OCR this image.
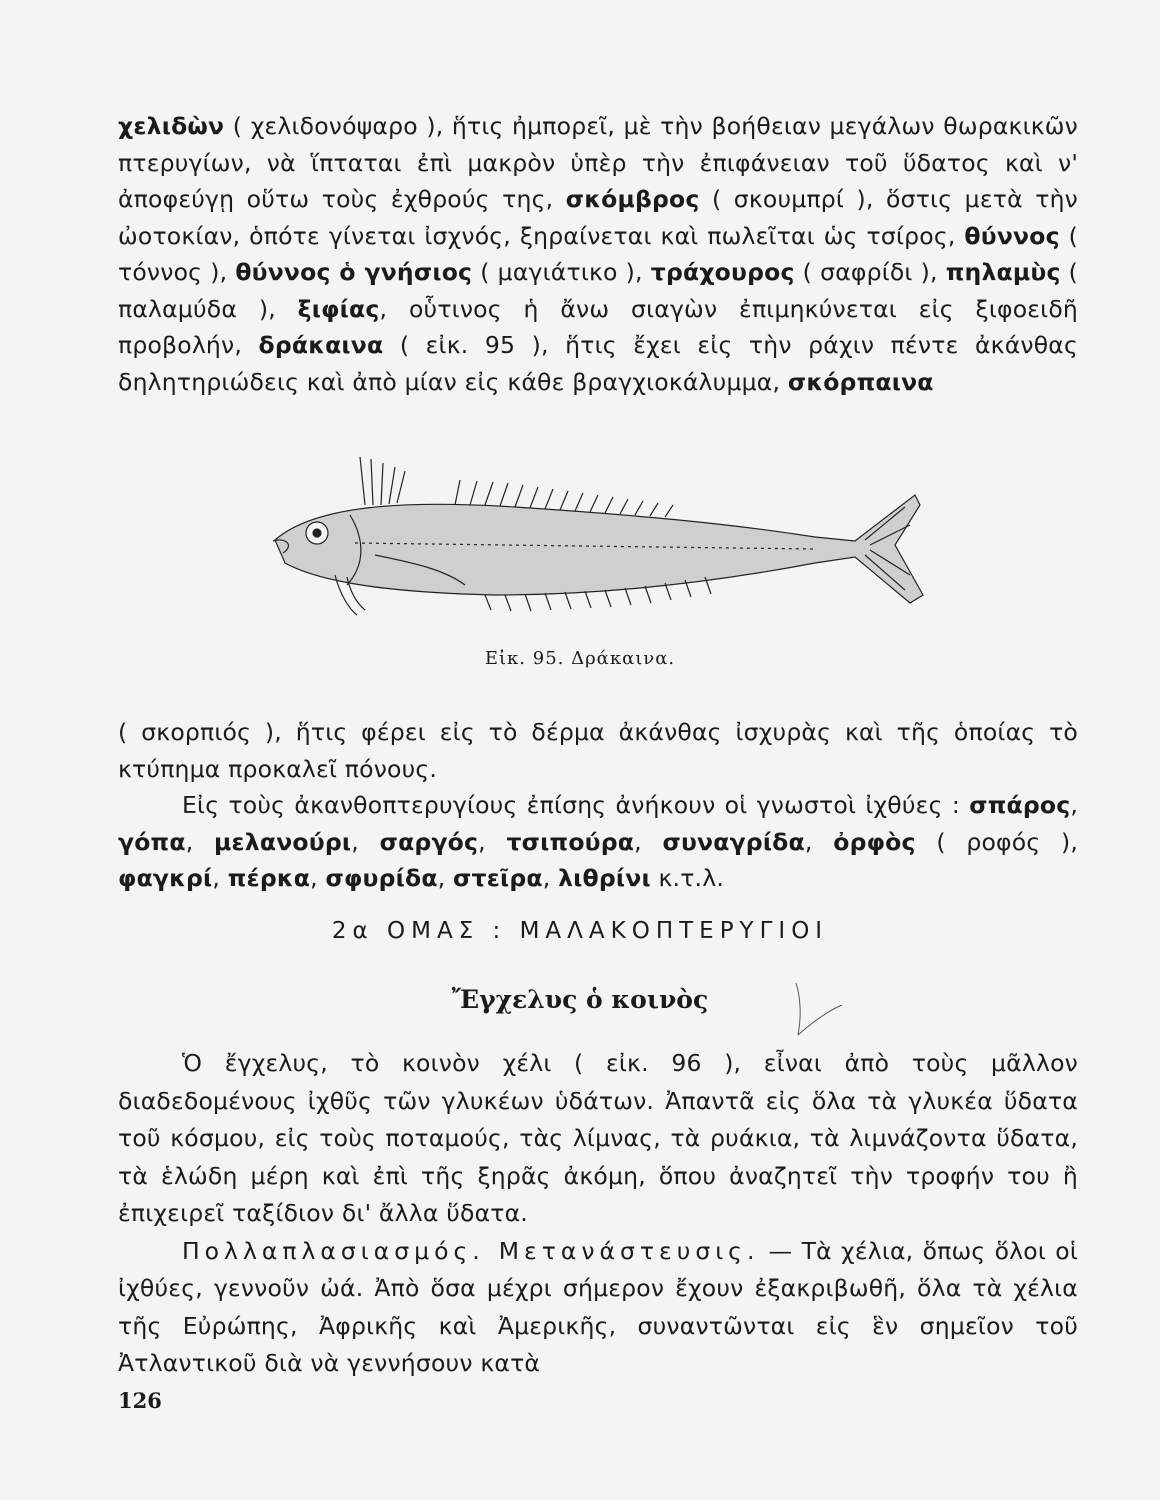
χελιδὼν ( χελιδονόψαρο ), ἥτις ἠμπορεῖ, μὲ τὴν βοήθειαν μεγάλων θωρακικῶν πτερυγίων, νὰ ἵπταται ἐπὶ μακρὸν ὑπὲρ τὴν ἐπιφάνειαν τοῦ ὕδατος καὶ ν' ἀποφεύγῃ οὕτω τοὺς ἐχθρούς της, σκόμβρος ( σκουμπρί ), ὅστις μετὰ τὴν ὠοτοκίαν, ὁπότε γίνεται ἰσχνός, ξηραίνεται καὶ πωλεῖται ὡς τσίρος, θύννος ( τόννος ), θύννος ὁ γνήσιος ( μαγιάτικο ), τράχουρος ( σαφρίδι ), πηλαμὺς ( παλαμύδα ), ξιφίας, οὗτινος ἡ ἄνω σιαγὼν ἐπιμηκύνεται εἰς ξιφοειδῆ προβολήν, δράκαινα ( εἰκ. 95 ), ἥτις ἔχει εἰς τὴν ράχιν πέντε ἀκάνθας δηλητηριώδεις καὶ ἀπὸ μίαν εἰς κάθε βραγχιοκάλυμμα, σκόρπαινα

Εἰκ. 95. Δράκαινα.

( σκορπιός ), ἥτις φέρει εἰς τὸ δέρμα ἀκάνθας ἰσχυρὰς καὶ τῆς ὁποίας τὸ κτύπημα προκαλεῖ πόνους.

Εἰς τοὺς ἀκανθοπτερυγίους ἐπίσης ἀνήκουν οἱ γνωστοὶ ἰχθύες : σπάρος, γόπα, μελανούρι, σαργός, τσιπούρα, συναγρίδα, ὀρφὸς ( ροφός ), φαγκρί, πέρκα, σφυρίδα, στεῖρα, λιθρίνι κ.τ.λ.

2α ΟΜΑΣ : ΜΑΛΑΚΟΠΤΕΡΥΓΙΟΙ
Ἔγχελυς ὁ κοινὸς

Ὁ ἔγχελυς, τὸ κοινὸν χέλι ( εἰκ. 96 ), εἶναι ἀπὸ τοὺς μᾶλλον διαδεδομένους ἰχθῦς τῶν γλυκέων ὑδάτων. Ἀπαντᾶ εἰς ὅλα τὰ γλυκέα ὕδατα τοῦ κόσμου, εἰς τοὺς ποταμούς, τὰς λίμνας, τὰ ρυάκια, τὰ λιμνάζοντα ὕδατα, τὰ ἑλώδη μέρη καὶ ἐπὶ τῆς ξηρᾶς ἀκόμη, ὅπου ἀναζητεῖ τὴν τροφήν του ἢ ἐπιχειρεῖ ταξίδιον δι' ἄλλα ὕδατα.

Πολλαπλασιασμός. Μετανάστευσις. — Τὰ χέλια, ὅπως ὅλοι οἱ ἰχθύες, γεννοῦν ὠά. Ἀπὸ ὅσα μέχρι σήμερον ἔχουν ἐξακριβωθῆ, ὅλα τὰ χέλια τῆς Εὐρώπης, Ἀφρικῆς καὶ Ἀμερικῆς, συναντῶνται εἰς ἓν σημεῖον τοῦ Ἀτλαντικοῦ διὰ νὰ γεννήσουν κατὰ

126
